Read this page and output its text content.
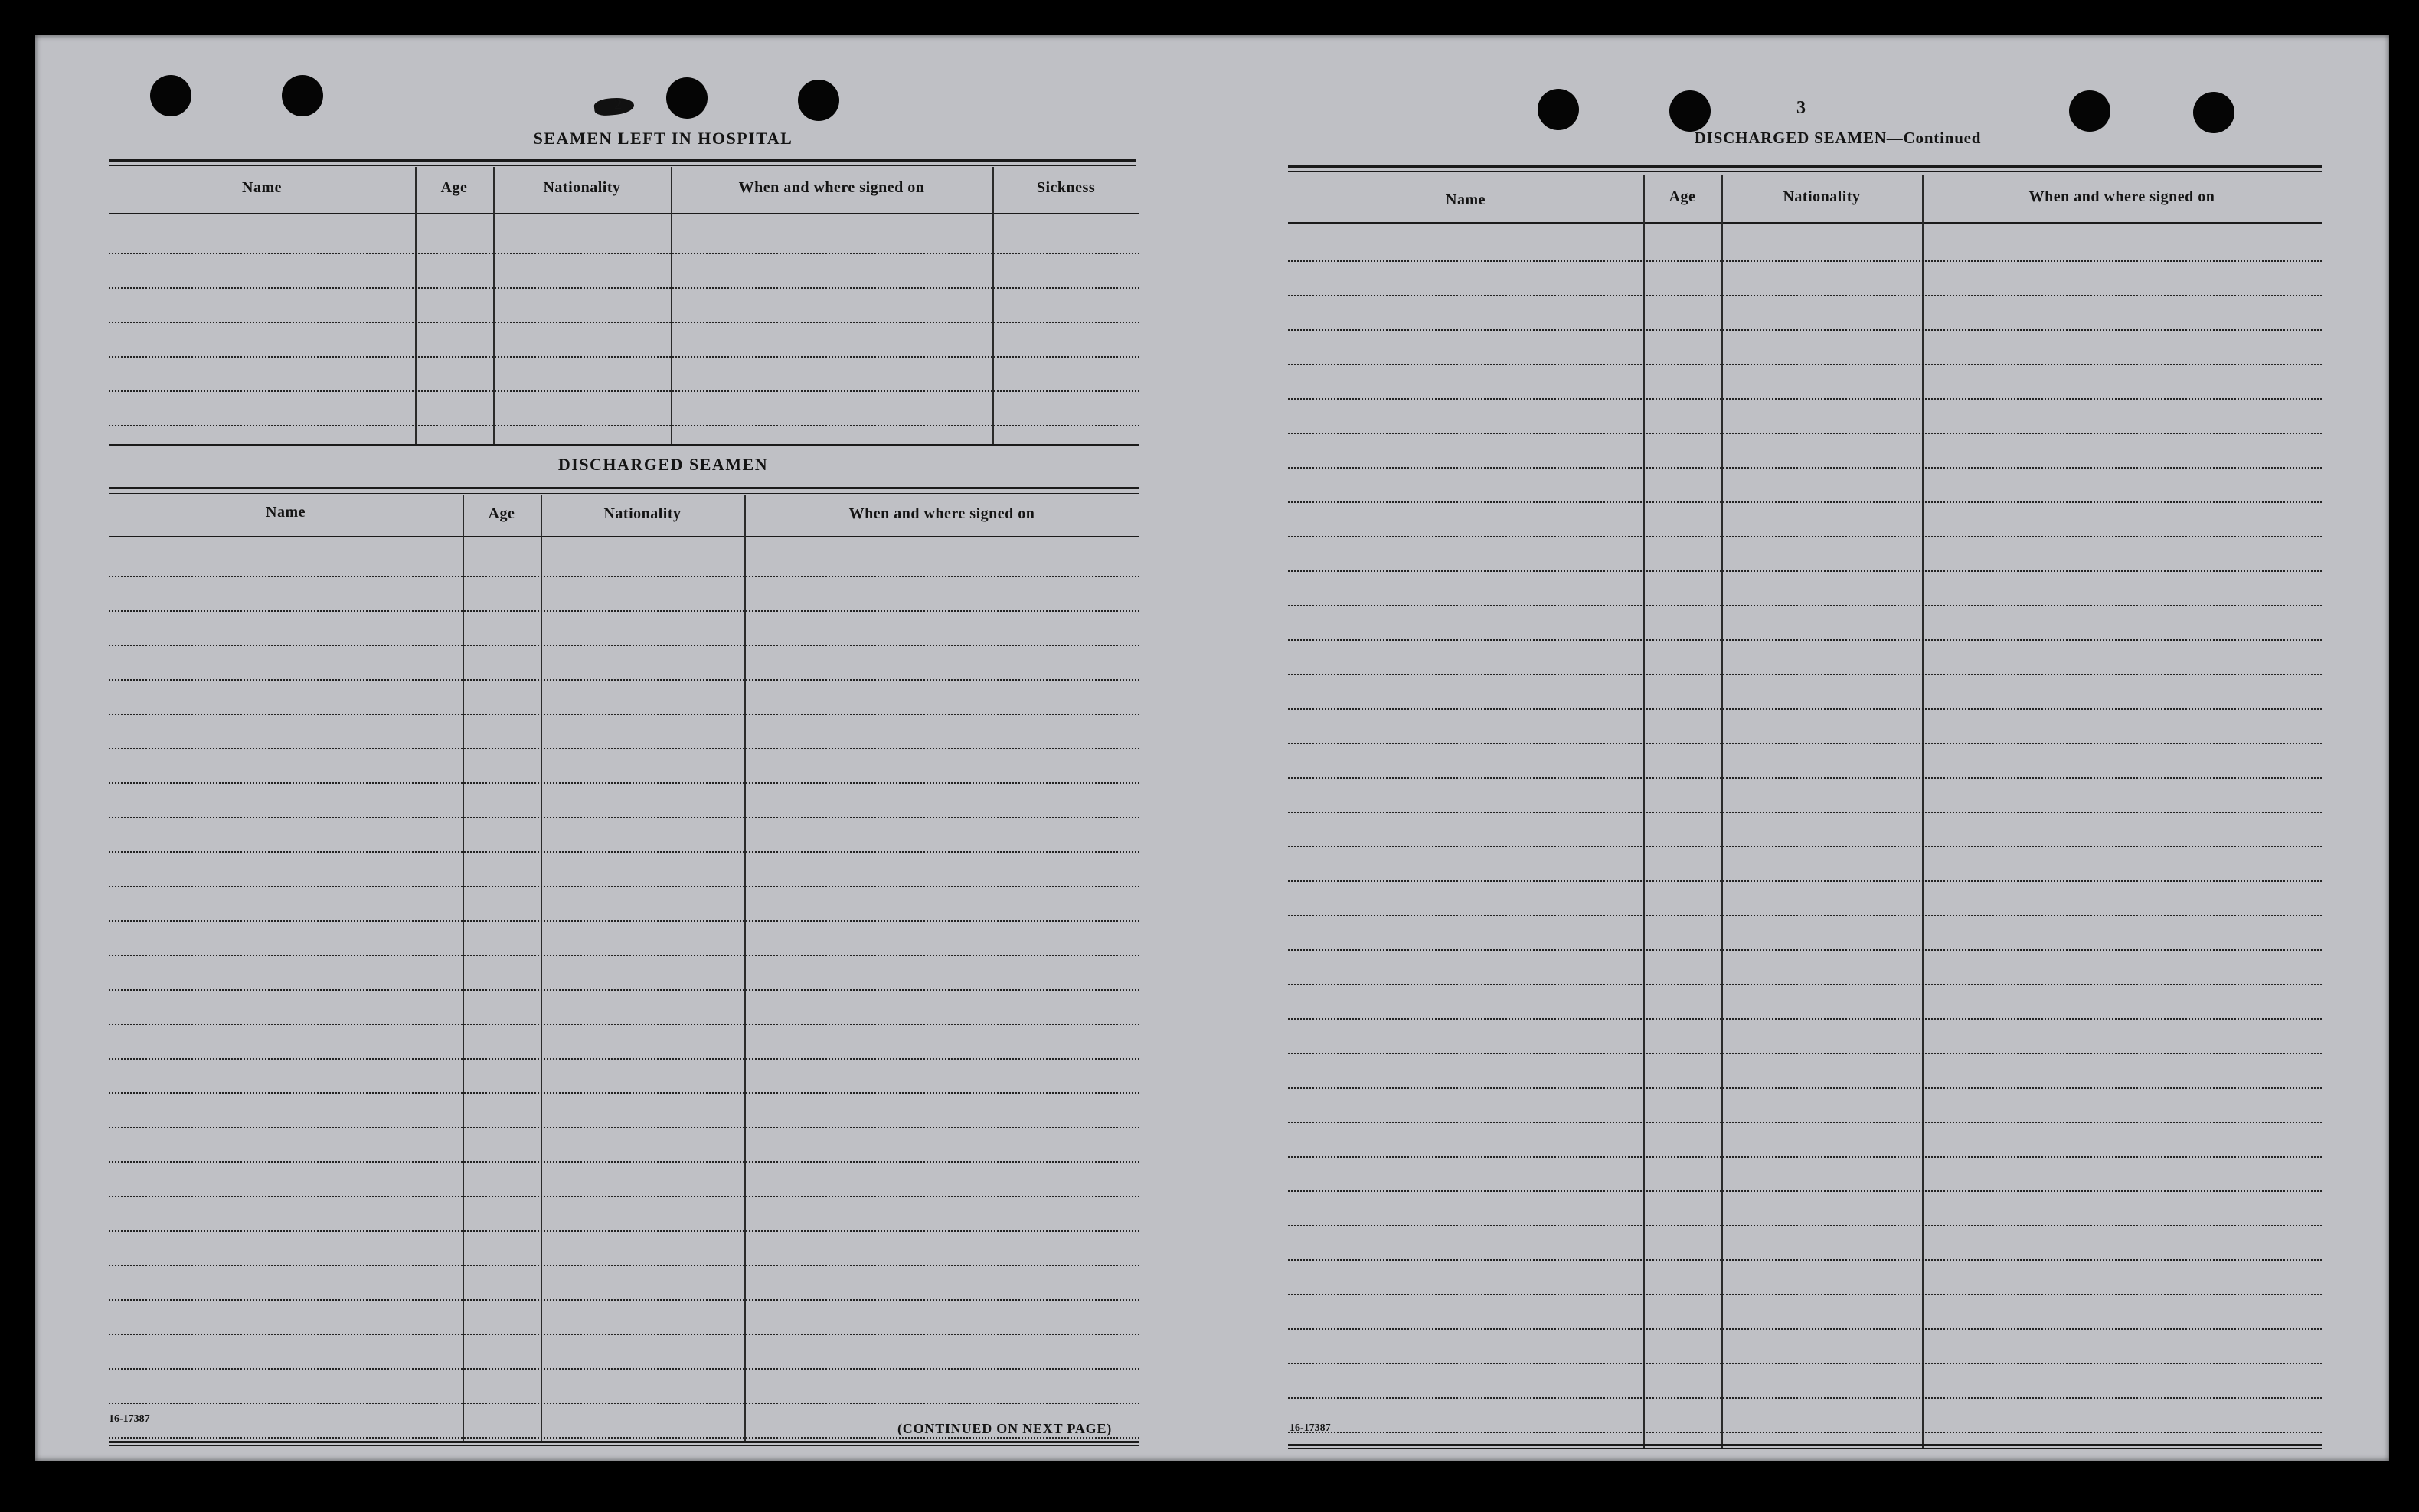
2
SEAMEN LEFT IN HOSPITAL
Name	Age	Nationality	When and where signed on	Sickness
DISCHARGED SEAMEN
Name	Age	Nationality	When and where signed on
16-17387
(CONTINUED ON NEXT PAGE)
3
DISCHARGED SEAMEN—Continued
Name	Age	Nationality	When and where signed on
16-17387
